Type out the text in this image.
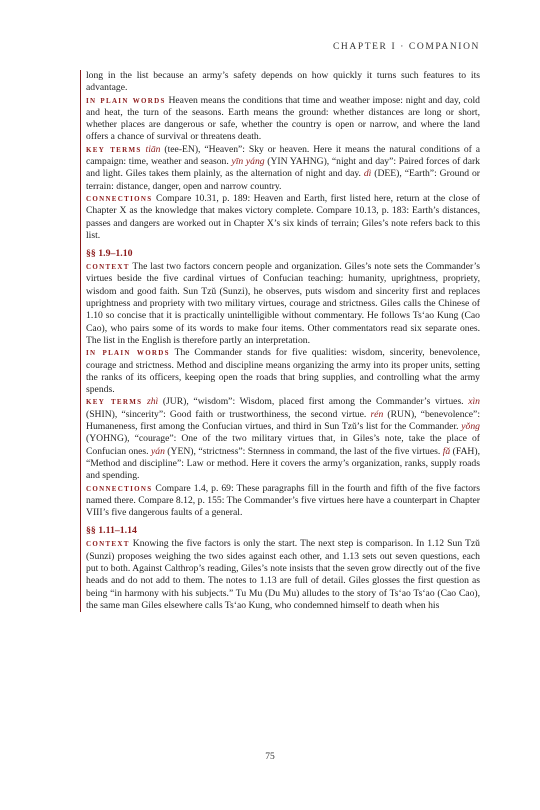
CHAPTER I · COMPANION

long in the list because an army’s safety depends on how quickly it turns such features to its advantage.

in plain words Heaven means the conditions that time and weather impose: night and day, cold and heat, the turn of the seasons. Earth means the ground: whether distances are long or short, whether places are dangerous or safe, whether the country is open or narrow, and where the land offers a chance of survival or threatens death.

key terms tiān (tee-EN), “Heaven”: Sky or heaven. Here it means the natural conditions of a campaign: time, weather and season. yīn yáng (YIN YAHNG), “night and day”: Paired forces of dark and light. Giles takes them plainly, as the alternation of night and day. dì (DEE), “Earth”: Ground or terrain: distance, danger, open and narrow country.

connections Compare 10.31, p. 189: Heaven and Earth, first listed here, return at the close of Chapter X as the knowledge that makes victory complete. Compare 10.13, p. 183: Earth’s distances, passes and dangers are worked out in Chapter X’s six kinds of terrain; Giles’s note refers back to this list.

§§ 1.9–1.10

context The last two factors concern people and organization. Giles’s note sets the Commander’s virtues beside the five cardinal virtues of Confucian teaching: humanity, uprightness, propriety, wisdom and good faith. Sun Tzŭ (Sunzi), he observes, puts wisdom and sincerity first and replaces uprightness and propriety with two military virtues, courage and strictness. Giles calls the Chinese of 1.10 so concise that it is practically unintelligible without commentary. He follows Ts‘ao Kung (Cao Cao), who pairs some of its words to make four items. Other commentators read six separate ones. The list in the English is therefore partly an interpretation.

in plain words The Commander stands for five qualities: wisdom, sincerity, benevolence, courage and strictness. Method and discipline means organizing the army into its proper units, setting the ranks of its officers, keeping open the roads that bring supplies, and controlling what the army spends.

key terms zhì (JUR), “wisdom”: Wisdom, placed first among the Commander’s virtues. xìn (SHIN), “sincerity”: Good faith or trustworthiness, the second virtue. rén (RUN), “benevolence”: Humaneness, first among the Confucian virtues, and third in Sun Tzŭ’s list for the Commander. yǒng (YOHNG), “courage”: One of the two military virtues that, in Giles’s note, take the place of Confucian ones. yán (YEN), “strictness”: Sternness in command, the last of the five virtues. fǎ (FAH), “Method and discipline”: Law or method. Here it covers the army’s organization, ranks, supply roads and spending.

connections Compare 1.4, p. 69: These paragraphs fill in the fourth and fifth of the five factors named there. Compare 8.12, p. 155: The Commander’s five virtues here have a counterpart in Chapter VIII’s five dangerous faults of a general.

§§ 1.11–1.14

context Knowing the five factors is only the start. The next step is comparison. In 1.12 Sun Tzŭ (Sunzi) proposes weighing the two sides against each other, and 1.13 sets out seven questions, each put to both. Against Calthrop’s reading, Giles’s note insists that the seven grow directly out of the five heads and do not add to them. The notes to 1.13 are full of detail. Giles glosses the first question as being “in harmony with his subjects.” Tu Mu (Du Mu) alludes to the story of Ts‘ao Ts‘ao (Cao Cao), the same man Giles elsewhere calls Ts‘ao Kung, who condemned himself to death when his

75
